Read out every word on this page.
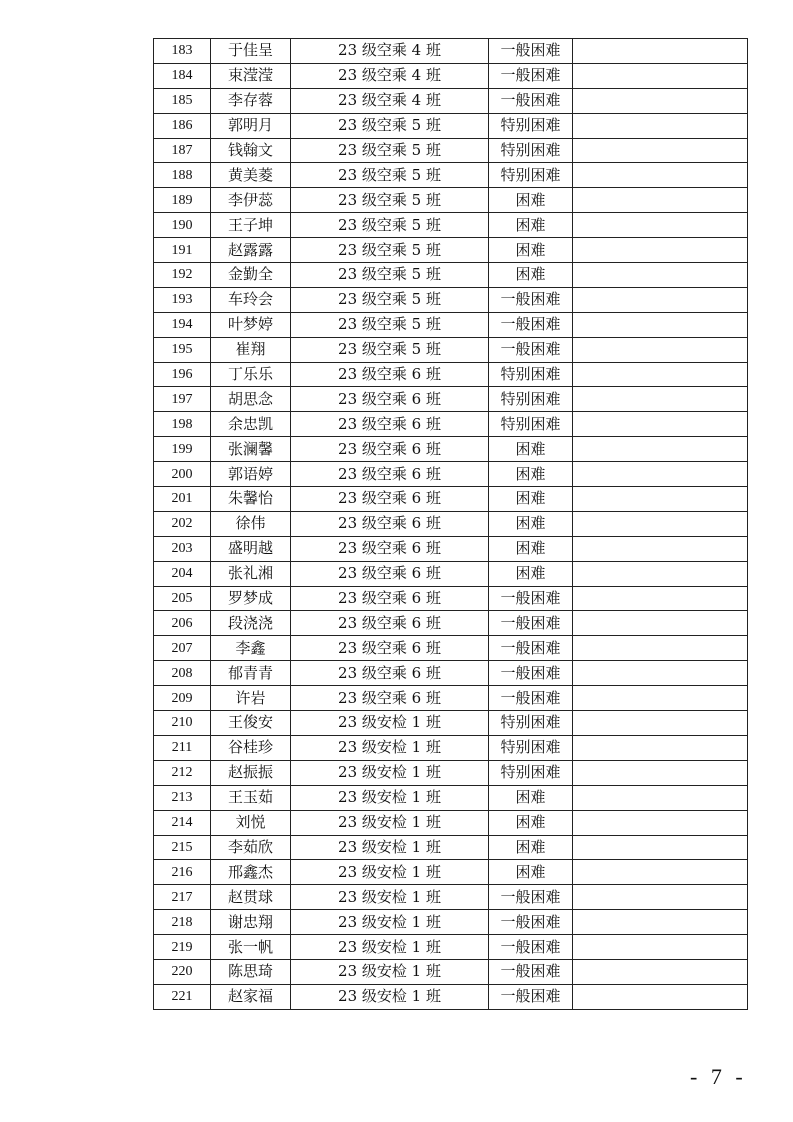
183	于佳呈	23 级空乘 4 班	一般困难	
184	束滢滢	23 级空乘 4 班	一般困难	
185	李存蓉	23 级空乘 4 班	一般困难	
186	郭明月	23 级空乘 5 班	特别困难	
187	钱翰文	23 级空乘 5 班	特别困难	
188	黄美菱	23 级空乘 5 班	特别困难	
189	李伊蕊	23 级空乘 5 班	困难	
190	王子坤	23 级空乘 5 班	困难	
191	赵露露	23 级空乘 5 班	困难	
192	金勤全	23 级空乘 5 班	困难	
193	车玲会	23 级空乘 5 班	一般困难	
194	叶梦婷	23 级空乘 5 班	一般困难	
195	崔翔	23 级空乘 5 班	一般困难	
196	丁乐乐	23 级空乘 6 班	特别困难	
197	胡思念	23 级空乘 6 班	特别困难	
198	余忠凯	23 级空乘 6 班	特别困难	
199	张澜馨	23 级空乘 6 班	困难	
200	郭语婷	23 级空乘 6 班	困难	
201	朱馨怡	23 级空乘 6 班	困难	
202	徐伟	23 级空乘 6 班	困难	
203	盛明越	23 级空乘 6 班	困难	
204	张礼湘	23 级空乘 6 班	困难	
205	罗梦成	23 级空乘 6 班	一般困难	
206	段浇浇	23 级空乘 6 班	一般困难	
207	李鑫	23 级空乘 6 班	一般困难	
208	郁青青	23 级空乘 6 班	一般困难	
209	许岩	23 级空乘 6 班	一般困难	
210	王俊安	23 级安检 1 班	特别困难	
211	谷桂珍	23 级安检 1 班	特别困难	
212	赵振振	23 级安检 1 班	特别困难	
213	王玉茹	23 级安检 1 班	困难	
214	刘悦	23 级安检 1 班	困难	
215	李茹欣	23 级安检 1 班	困难	
216	邢鑫杰	23 级安检 1 班	困难	
217	赵贯球	23 级安检 1 班	一般困难	
218	谢忠翔	23 级安检 1 班	一般困难	
219	张一帆	23 级安检 1 班	一般困难	
220	陈思琦	23 级安检 1 班	一般困难	
221	赵家福	23 级安检 1 班	一般困难	
- 7 -
